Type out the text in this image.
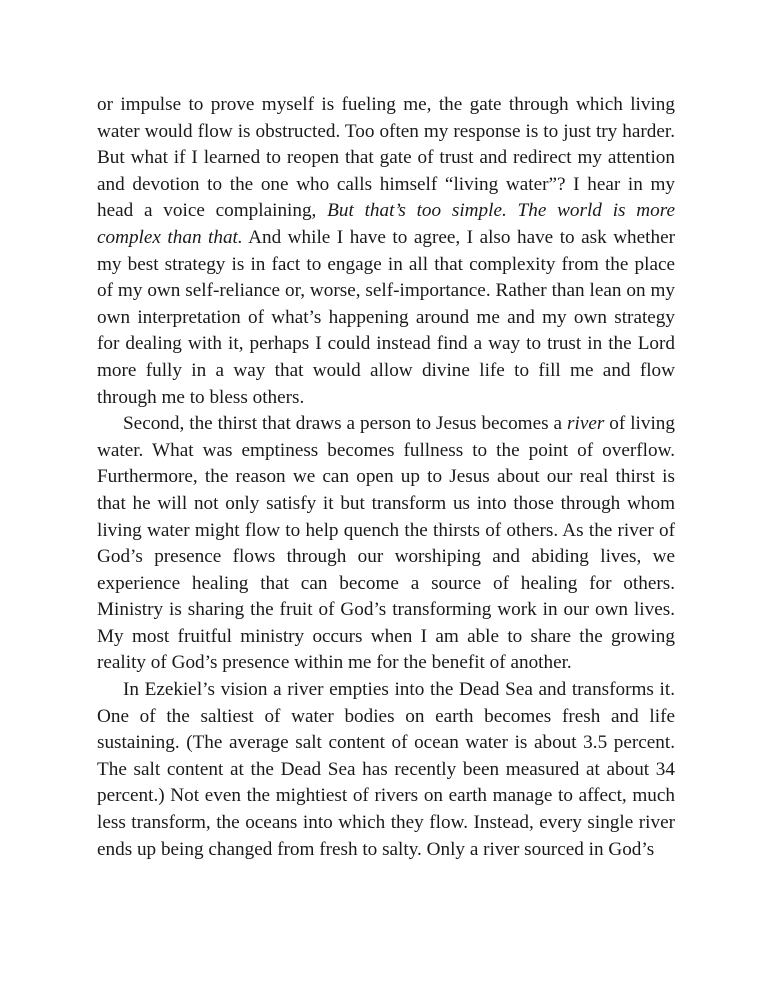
or impulse to prove myself is fueling me, the gate through which living water would flow is obstructed. Too often my response is to just try harder. But what if I learned to reopen that gate of trust and redirect my attention and devotion to the one who calls himself “living water”? I hear in my head a voice complaining, But that’s too simple. The world is more complex than that. And while I have to agree, I also have to ask whether my best strategy is in fact to engage in all that complexity from the place of my own self-reliance or, worse, self-importance. Rather than lean on my own interpretation of what’s happening around me and my own strategy for dealing with it, perhaps I could instead find a way to trust in the Lord more fully in a way that would allow divine life to fill me and flow through me to bless others.

Second, the thirst that draws a person to Jesus becomes a river of living water. What was emptiness becomes fullness to the point of overflow. Furthermore, the reason we can open up to Jesus about our real thirst is that he will not only satisfy it but transform us into those through whom living water might flow to help quench the thirsts of others. As the river of God’s presence flows through our worshiping and abiding lives, we experience healing that can become a source of healing for others. Ministry is sharing the fruit of God’s transforming work in our own lives. My most fruitful ministry occurs when I am able to share the growing reality of God’s presence within me for the benefit of another.

In Ezekiel’s vision a river empties into the Dead Sea and transforms it. One of the saltiest of water bodies on earth becomes fresh and life sustaining. (The average salt content of ocean water is about 3.5 percent. The salt content at the Dead Sea has recently been measured at about 34 percent.) Not even the mightiest of rivers on earth manage to affect, much less transform, the oceans into which they flow. Instead, every single river ends up being changed from fresh to salty. Only a river sourced in God’s
